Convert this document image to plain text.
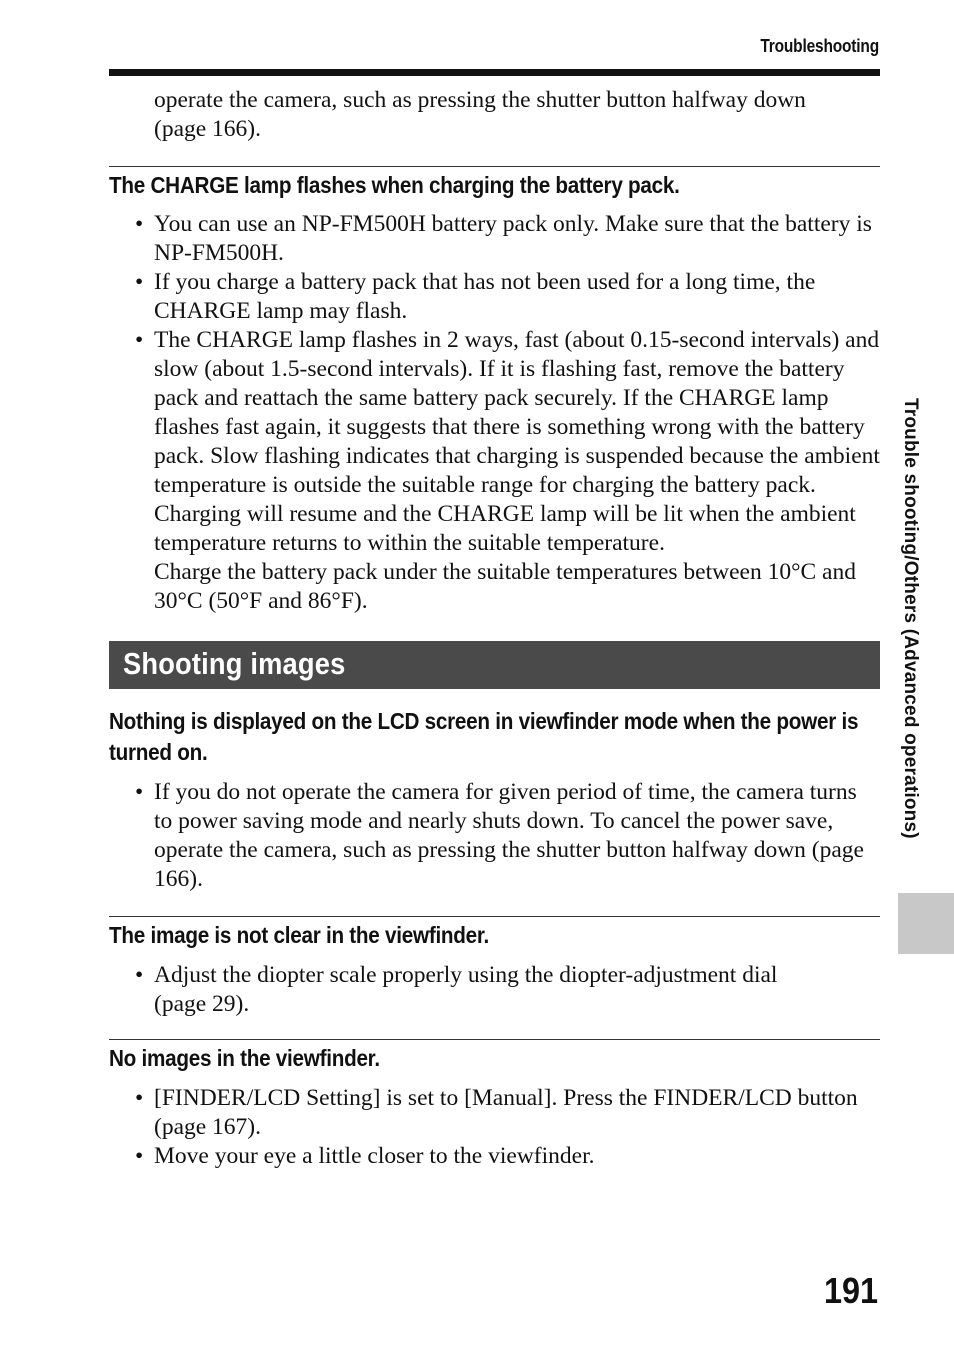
Troubleshooting
operate the camera, such as pressing the shutter button halfway down
(page 166).
The CHARGE lamp flashes when charging the battery pack.
• You can use an NP-FM500H battery pack only. Make sure that the battery is NP-FM500H.
• If you charge a battery pack that has not been used for a long time, the CHARGE lamp may flash.
• The CHARGE lamp flashes in 2 ways, fast (about 0.15-second intervals) and slow (about 1.5-second intervals). If it is flashing fast, remove the battery pack and reattach the same battery pack securely. If the CHARGE lamp flashes fast again, it suggests that there is something wrong with the battery pack. Slow flashing indicates that charging is suspended because the ambient temperature is outside the suitable range for charging the battery pack. Charging will resume and the CHARGE lamp will be lit when the ambient temperature returns to within the suitable temperature.
Charge the battery pack under the suitable temperatures between 10°C and 30°C (50°F and 86°F).
Shooting images
Nothing is displayed on the LCD screen in viewfinder mode when the power is turned on.
• If you do not operate the camera for given period of time, the camera turns to power saving mode and nearly shuts down. To cancel the power save, operate the camera, such as pressing the shutter button halfway down (page 166).
The image is not clear in the viewfinder.
• Adjust the diopter scale properly using the diopter-adjustment dial (page 29).
No images in the viewfinder.
• [FINDER/LCD Setting] is set to [Manual]. Press the FINDER/LCD button (page 167).
• Move your eye a little closer to the viewfinder.
Trouble shooting/Others (Advanced operations)
191
